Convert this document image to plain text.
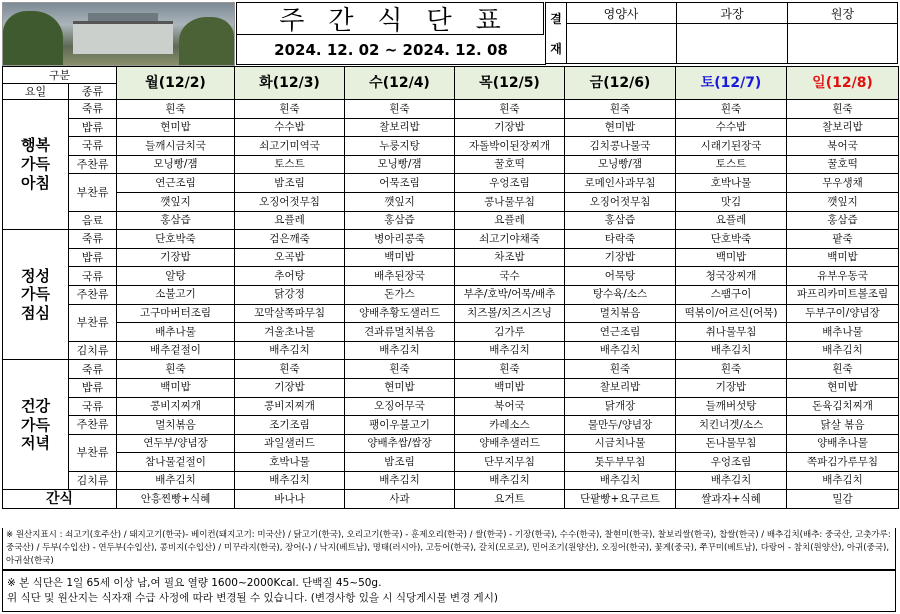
주간식단표
2024. 12. 02 ~ 2024. 12. 08
결
재
영양사	과장	원장
구분		월(12/2)	화(12/3)	수(12/4)	목(12/5)	금(12/6)	토(12/7)	일(12/8)
요일	종류							

행복
가득
아침	죽류	흰죽	흰죽	흰죽	흰죽	흰죽	흰죽	흰죽
	밥류	현미밥	수수밥	찰보리밥	기장밥	현미밥	수수밥	찰보리밥
	국류	들깨시금치국	쇠고기미역국	누룽지탕	자돌박이된장찌개	김치콩나물국	시래기된장국	북어국
	주찬류	모닝빵/잼	토스트	모닝빵/잼	꿀호떡	모닝빵/잼	토스트	꿀호떡
	부찬류	연근조림	밤조림	어묵조림	우엉조림	로메인사과무침	호박나물	무우생채
		깻잎지	오징어젓무침	깻잎지	콩나물무침	오징어젓무침	맛김	깻잎지
	음료	홍삼즙	요플레	홍삼즙	요플레	홍삼즙	요플레	홍삼즙

정성
가득
점심	죽류	단호박죽	검은깨죽	병아리콩죽	쇠고기야채죽	타락죽	단호박죽	팥죽
	밥류	기장밥	오곡밥	백미밥	차조밥	기장밥	백미밥	백미밥
	국류	알탕	추어탕	배추된장국	국수	어묵탕	청국장찌개	유부우동국
	주찬류	소불고기	닭강정	돈가스	부추/호박/어묵/배추	탕수육/소스	스팸구이	파프리카미트볼조림
	부찬류	고구마버터조림	꼬막살쪽파무침	양배추황도샐러드	치즈볼/치즈시즈닝	멸치볶음	떡볶이/어르신(어묵)	두부구이/양념장
		배추나물	겨울초나물	견과류멸치볶음	김가루	연근조림	취나물무침	배추나물
	김치류	배추겉절이	배추김치	배추김치	배추김치	배추김치	배추김치	배추김치

건강
가득
저녁	죽류	흰죽	흰죽	흰죽	흰죽	흰죽	흰죽	흰죽
	밥류	백미밥	기장밥	현미밥	백미밥	찰보리밥	기장밥	현미밥
	국류	콩비지찌개	콩비지찌개	오징어무국	북어국	닭개장	들깨버섯탕	돈육김치찌개
	주찬류	멸치볶음	조기조림	팽이우불고기	카레소스	물만두/양념장	치킨너겟/소스	닭살 볶음
	부찬류	연두부/양념장	과일샐러드	양배추쌈/쌈장	양배추샐러드	시금치나물	돈나물무침	양배추나물
		참나물겉절이	호박나물	밤조림	단무지무침	톳두부무침	우엉조림	쪽파김가루무침
	김치류	배추김치	배추김치	배추김치	배추김치	배추김치	배추김치	배추김치
간식		안흥찐빵+식혜	바나나	사과	요거트	단팥빵+요구르트	쌀과자+식혜	밀감
※ 원산지표시 : 쇠고기(호주산) / 돼지고기(한국)- 베이컨(돼지고기: 미국산) / 닭고기(한국), 오리고기(한국) - 훈제오리(한국) / 쌀(한국) - 기장(한국), 수수(한국), 찰현미(한국), 찰보리쌀(한국), 찹쌀(한국) / 배추김치(배추: 중국산, 고춧가루: 중국산) / 두부(수입산) - 연두부(수입산), 콩비지(수입산) / 미꾸라지(한국), 장어(-) / 낙지(베트남), 명태(러시아), 고등어(한국), 갈치(모로코), 민어조기(원양산), 오징어(한국), 꽃게(중국), 쭈꾸미(베트남), 다랑어 - 참치(원양산), 아귀(중국), 아귀살(한국)
※ 본 식단은 1일 65세 이상 남,여 필요 열량 1600~2000Kcal. 단백질 45~50g.
위 식단 및 원산지는 식자재 수급 사정에 따라 변경될 수 있습니다. (변경사항 있을 시 식당게시물 변경 게시)
